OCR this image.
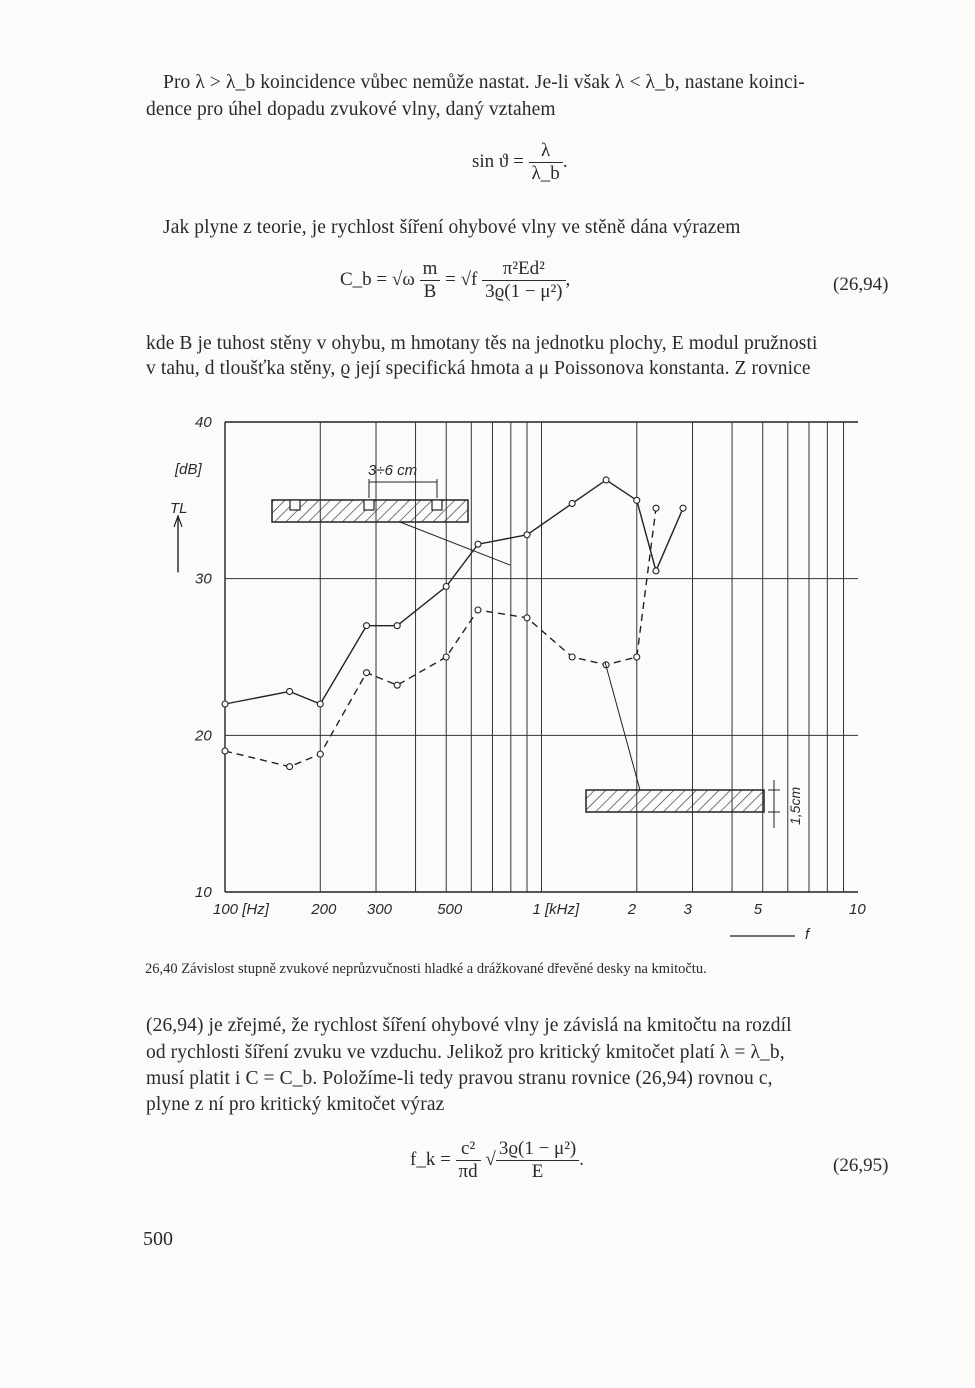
Pro λ > λ_b koincidence vůbec nemůže nastat. Je-li však λ < λ_b, nastane koinci-
dence pro úhel dopadu zvukové vlny, daný vztahem
$\sin ϑ = \frac{\lambda}{\lambda\_b}$ .
Jak plyne z teorie, je rychlost šíření ohybové vlny ve stěně dána výrazem
C_b = $√\omega \frac{m}{B} = √f \frac{\text{π²Ed²}}{\text{3ϱ(1 − μ²)}}$ ,	(26,94)
kde B je tuhost stěny v ohybu, m hmotany těs na jednotku plochy, E modul pružnosti
v tahu, d tloušťka stěny, ϱ její specifická hmota a μ Poissonova konstanta. Z rovnice
40
30
20
10
[dB]
TL
100 [Hz]	200 300	500	1 [kHz]	2	3	5	10
f
3÷6 cm
1,5cm
26,40 Závislost stupně zvukové neprůzvučnosti hladké a drážkované dřevěné desky na kmitočtu.
(26,94) je zřejmé, že rychlost šíření ohybové vlny je závislá na kmitočtu na rozdíl
od rychlosti šíření zvuku ve vzduchu. Jelikož pro kritický kmitočet platí λ = λ_b,
musí platit i C = C_b. Položíme-li tedy pravou stranu rovnice (26,94) rovnou c,
plyne z ní pro kritický kmitočet výraz
f_k = $\frac{\text{c²}}{\pi d}$ √ $\frac{\text{3ϱ(1 − μ²)}}{E}$ .	(26,95)
500
